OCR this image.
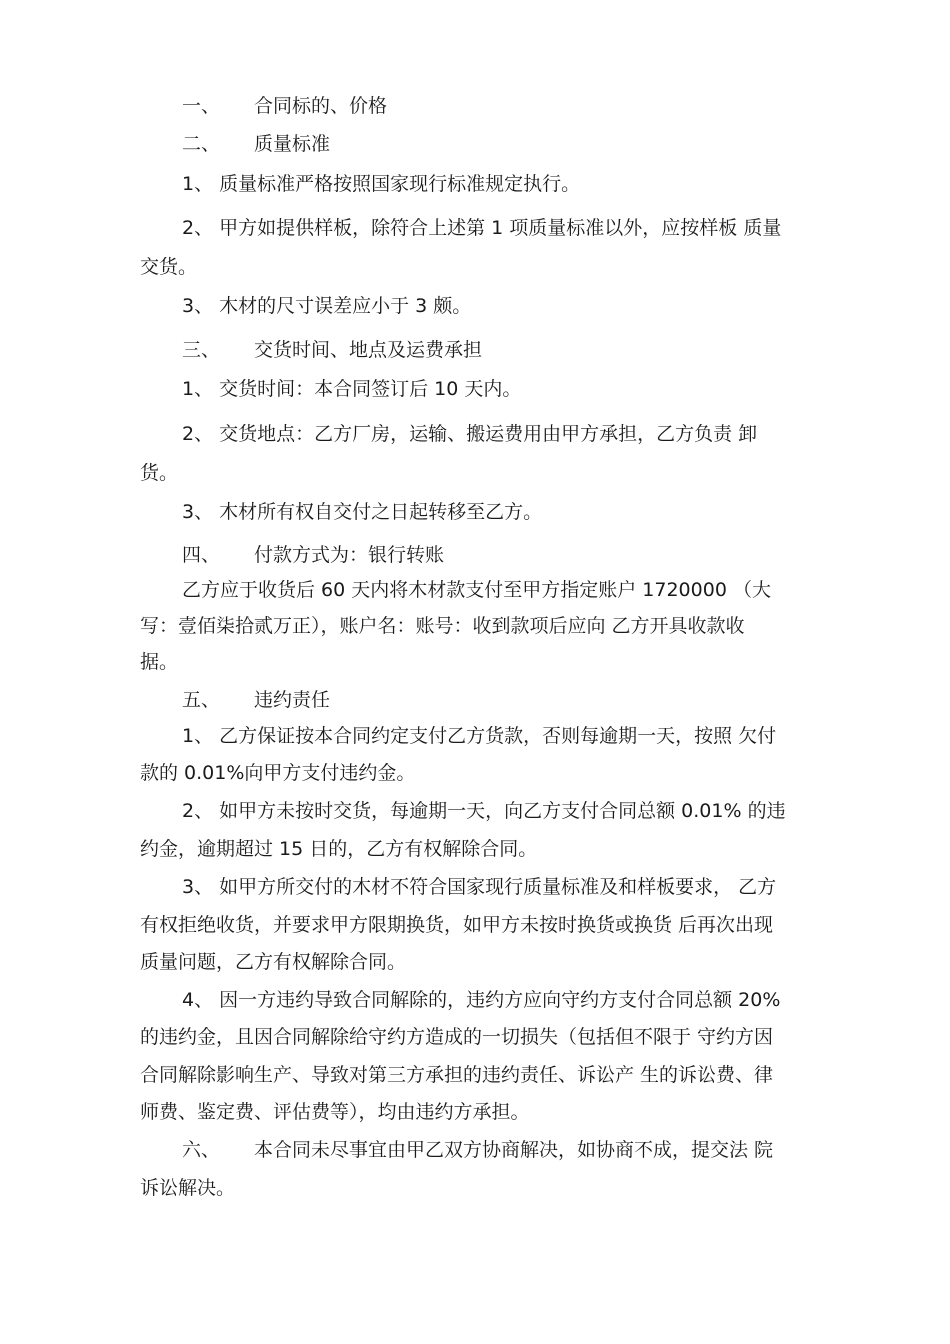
一、 合同标的、价格
二、 质量标准
1、 质量标准严格按照国家现行标准规定执行。
2、 甲方如提供样板，除符合上述第 1 项质量标准以外，应按样板 质量
交货。
3、 木材的尺寸误差应小于 3 颇。
三、 交货时间、地点及运费承担
1、 交货时间：本合同签订后 10 天内。
2、 交货地点：乙方厂房，运输、搬运费用由甲方承担，乙方负责 卸
货。
3、 木材所有权自交付之日起转移至乙方。
四、 付款方式为：银行转账
乙方应于收货后 60 天内将木材款支付至甲方指定账户 1720000 （大
写：壹佰柒拾贰万正），账户名：账号：收到款项后应向 乙方开具收款收
据。
五、 违约责任
1、 乙方保证按本合同约定支付乙方货款，否则每逾期一天，按照 欠付
款的 0.01%向甲方支付违约金。
2、 如甲方未按时交货，每逾期一天，向乙方支付合同总额 0.01% 的违
约金，逾期超过 15 日的，乙方有权解除合同。
3、 如甲方所交付的木材不符合国家现行质量标准及和样板要求， 乙方
有权拒绝收货，并要求甲方限期换货，如甲方未按时换货或换货 后再次出现
质量问题，乙方有权解除合同。
4、 因一方违约导致合同解除的，违约方应向守约方支付合同总额 20%
的违约金，且因合同解除给守约方造成的一切损失（包括但不限于 守约方因
合同解除影响生产、导致对第三方承担的违约责任、诉讼产 生的诉讼费、律
师费、鉴定费、评估费等），均由违约方承担。
六、 本合同未尽事宜由甲乙双方协商解决，如协商不成，提交法 院
诉讼解决。
